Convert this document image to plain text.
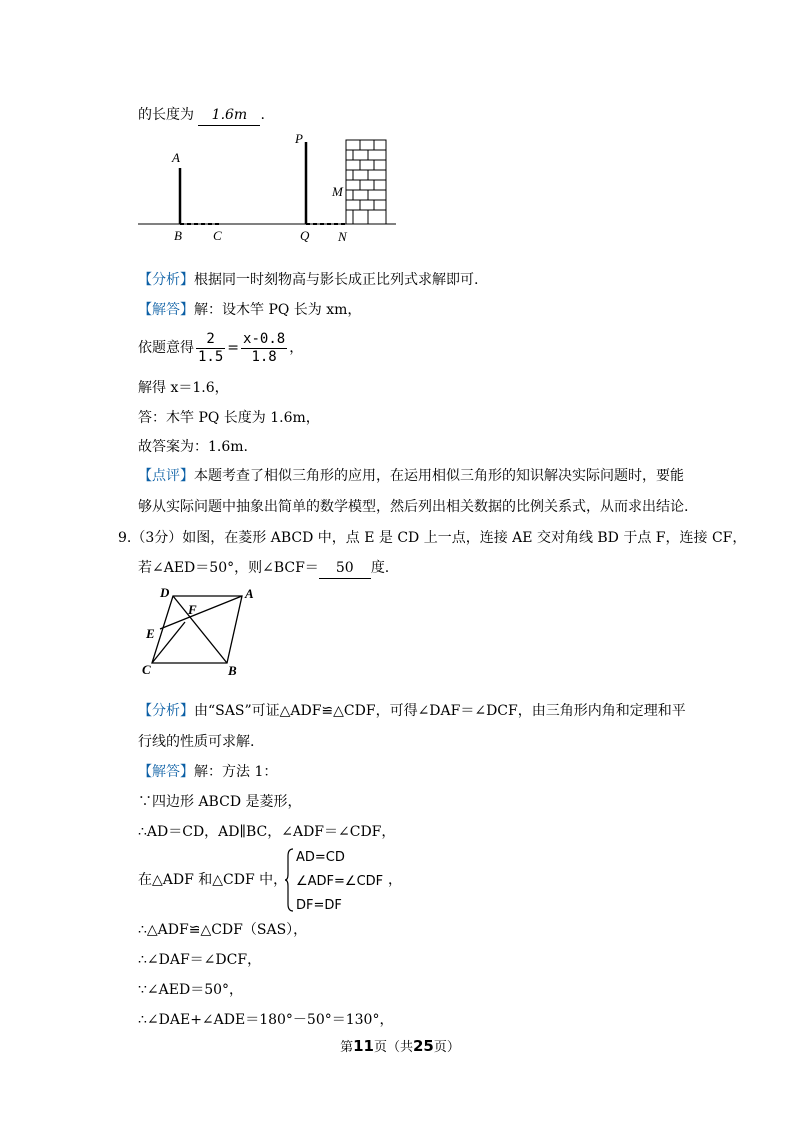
的长度为 1.6m .
A
B C
P
Q
M
N
【分析】根据同一时刻物高与影长成正比列式求解即可.
【解答】解：设木竿 PQ 长为 xm，
依题意得 $\frac{2}{1.5} = \frac{x-0.8}{1.8}$ ，
解得 x＝1.6，
答：木竿 PQ 长度为 1.6m，
故答案为：1.6m.
【点评】本题考查了相似三角形的应用，在运用相似三角形的知识解决实际问题时，要能
够从实际问题中抽象出简单的数学模型，然后列出相关数据的比例关系式，从而求出结论.
9.（3分）如图，在菱形 ABCD 中，点 E 是 CD 上一点，连接 AE 交对角线 BD 于点 F，连接 CF，
若∠AED＝50°，则∠BCF＝ 50 度.
D	A
F
E
C	B
【分析】由“SAS”可证△ADF≌△CDF，可得∠DAF＝∠DCF，由三角形内角和定理和平
行线的性质可求解.
【解答】解：方法 1：
∵四边形 ABCD 是菱形，
∴AD＝CD，AD∥BC，∠ADF＝∠CDF，
在△ADF 和△CDF 中，
AD=CD
∠ADF=∠CDF
DF=DF
，
∴△ADF≌△CDF（SAS），
∴∠DAF＝∠DCF，
∵∠AED＝50°，
∴∠DAE+∠ADE＝180°－50°＝130°，
第11页（共25页）
